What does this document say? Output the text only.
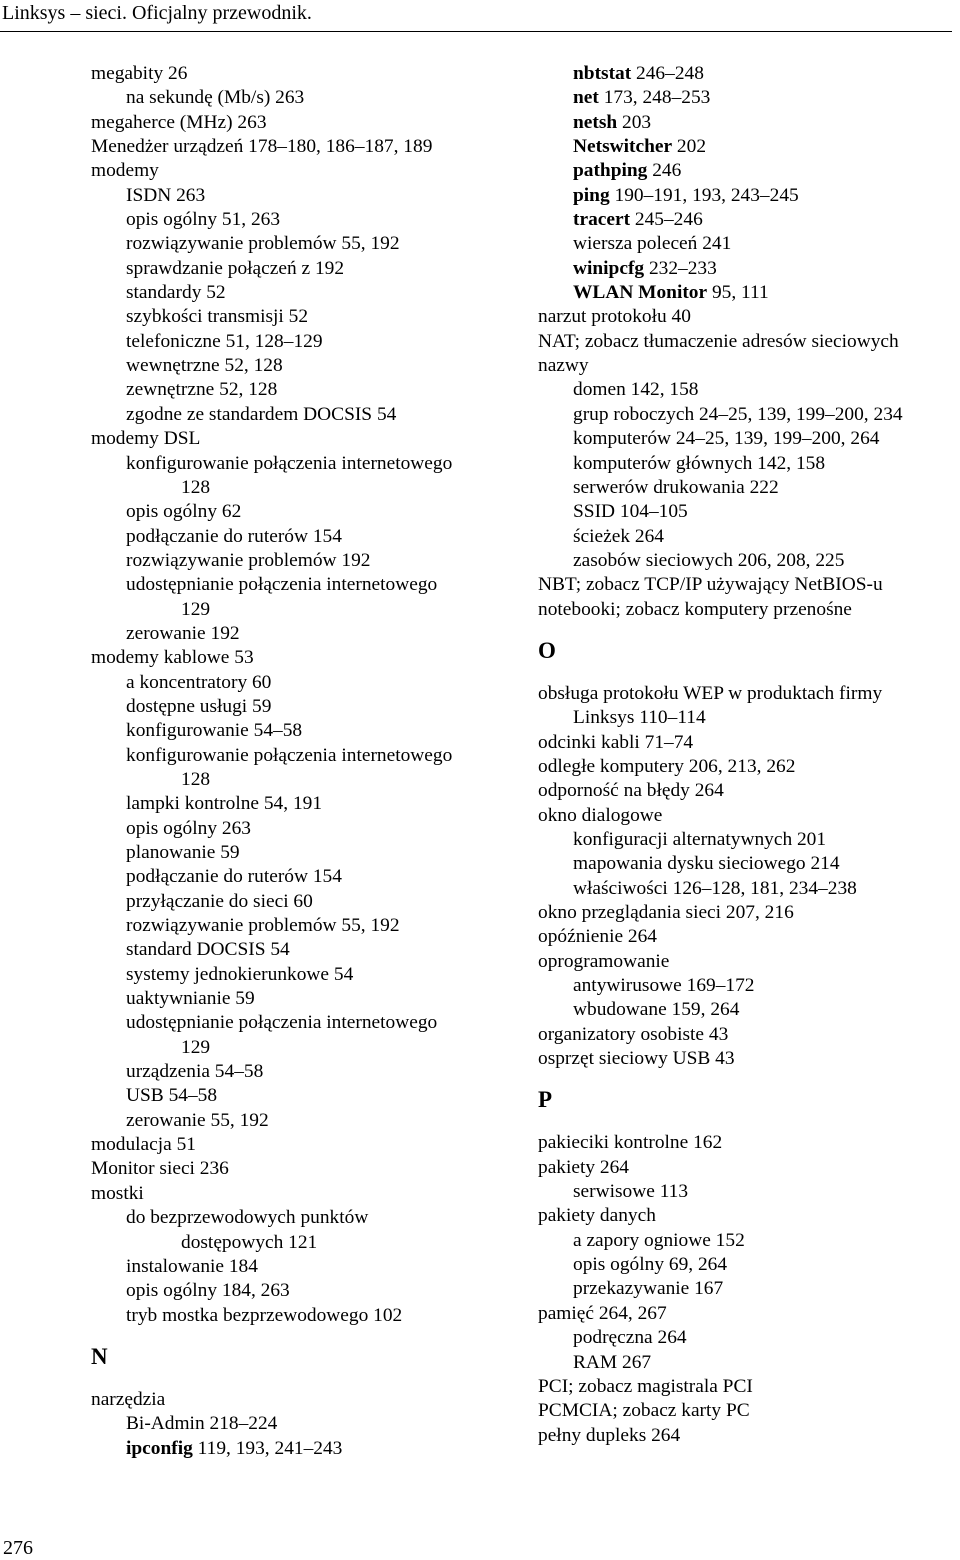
Linksys – sieci. Oficjalny przewodnik.
megabity 26
na sekundę (Mb/s) 263
megaherce (MHz) 263
Menedżer urządzeń 178–180, 186–187, 189
modemy
ISDN 263
opis ogólny 51, 263
rozwiązywanie problemów 55, 192
sprawdzanie połączeń z 192
standardy 52
szybkości transmisji 52
telefoniczne 51, 128–129
wewnętrzne 52, 128
zewnętrzne 52, 128
zgodne ze standardem DOCSIS 54
modemy DSL
konfigurowanie połączenia internetowego
128
opis ogólny 62
podłączanie do ruterów 154
rozwiązywanie problemów 192
udostępnianie połączenia internetowego
129
zerowanie 192
modemy kablowe 53
a koncentratory 60
dostępne usługi 59
konfigurowanie 54–58
konfigurowanie połączenia internetowego
128
lampki kontrolne 54, 191
opis ogólny 263
planowanie 59
podłączanie do ruterów 154
przyłączanie do sieci 60
rozwiązywanie problemów 55, 192
standard DOCSIS 54
systemy jednokierunkowe 54
uaktywnianie 59
udostępnianie połączenia internetowego
129
urządzenia 54–58
USB 54–58
zerowanie 55, 192
modulacja 51
Monitor sieci 236
mostki
do bezprzewodowych punktów
dostępowych 121
instalowanie 184
opis ogólny 184, 263
tryb mostka bezprzewodowego 102
N
narzędzia
Bi-Admin 218–224
ipconfig 119, 193, 241–243
nbtstat 246–248
net 173, 248–253
netsh 203
Netswitcher 202
pathping 246
ping 190–191, 193, 243–245
tracert 245–246
wiersza poleceń 241
winipcfg 232–233
WLAN Monitor 95, 111
narzut protokołu 40
NAT; zobacz tłumaczenie adresów sieciowych
nazwy
domen 142, 158
grup roboczych 24–25, 139, 199–200, 234
komputerów 24–25, 139, 199–200, 264
komputerów głównych 142, 158
serwerów drukowania 222
SSID 104–105
ścieżek 264
zasobów sieciowych 206, 208, 225
NBT; zobacz TCP/IP używający NetBIOS-u
notebooki; zobacz komputery przenośne
O
obsługa protokołu WEP w produktach firmy
Linksys 110–114
odcinki kabli 71–74
odległe komputery 206, 213, 262
odporność na błędy 264
okno dialogowe
konfiguracji alternatywnych 201
mapowania dysku sieciowego 214
właściwości 126–128, 181, 234–238
okno przeglądania sieci 207, 216
opóźnienie 264
oprogramowanie
antywirusowe 169–172
wbudowane 159, 264
organizatory osobiste 43
osprzęt sieciowy USB 43
P
pakieciki kontrolne 162
pakiety 264
serwisowe 113
pakiety danych
a zapory ogniowe 152
opis ogólny 69, 264
przekazywanie 167
pamięć 264, 267
podręczna 264
RAM 267
PCI; zobacz magistrala PCI
PCMCIA; zobacz karty PC
pełny dupleks 264
276
